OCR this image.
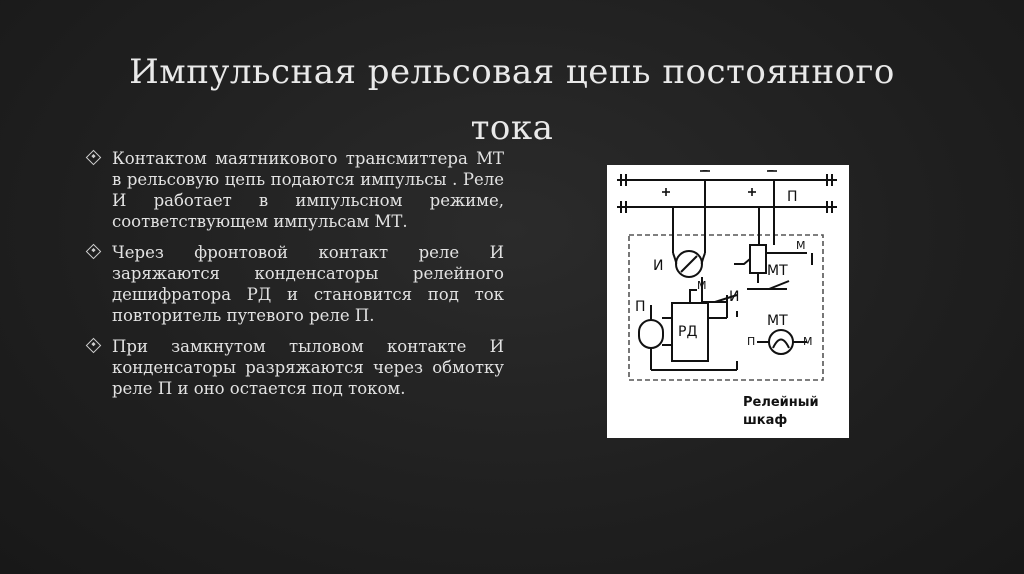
Импульсная рельсовая цепь постоянного
тока
Контактом маятникового трансмиттера МТ в рельсовую цепь подаются импульсы . Реле И работает в импульсном режиме, соответствующем импульсам МТ.
Через фронтовой контакт реле И заряжаются конденсаторы релейного дешифратора РД и становится под ток повторитель путевого реле П.
При замкнутом тыловом контакте И конденсаторы разряжаются через обмотку реле П и оно остается под током.
–	–
+	+ П
И
М
МТ
М
И
П
РД
МТ
П	М
Релейный
шкаф
